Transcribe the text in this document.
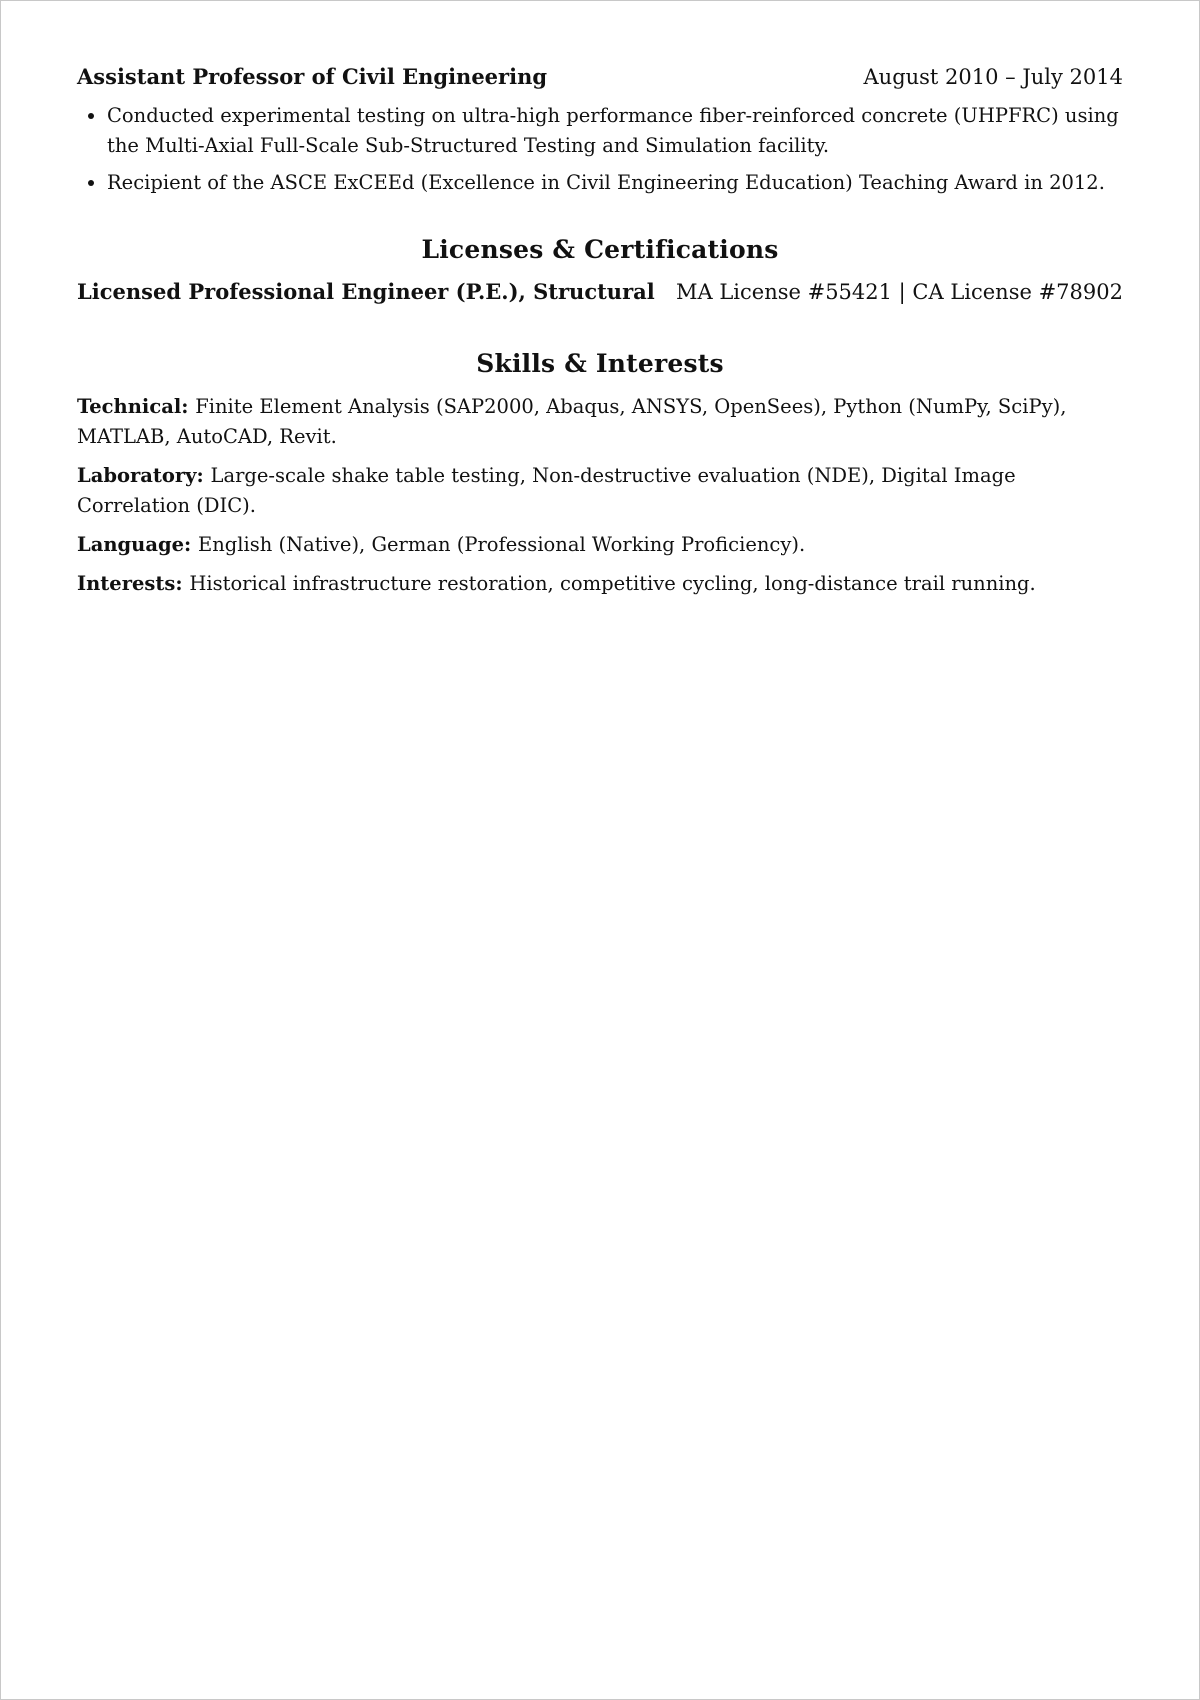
Assistant Professor of Civil Engineering	August 2010 – July 2014
• Conducted experimental testing on ultra-high performance fiber-reinforced concrete (UHPFRC) using the Multi-Axial Full-Scale Sub-Structured Testing and Simulation facility.
• Recipient of the ASCE ExCEEd (Excellence in Civil Engineering Education) Teaching Award in 2012.
Licenses & Certifications
Licensed Professional Engineer (P.E.), Structural MA License #55421 | CA License #78902
Skills & Interests
Technical: Finite Element Analysis (SAP2000, Abaqus, ANSYS, OpenSees), Python (NumPy, SciPy), MATLAB, AutoCAD, Revit.
Laboratory: Large-scale shake table testing, Non-destructive evaluation (NDE), Digital Image Correlation (DIC).
Language: English (Native), German (Professional Working Proficiency).
Interests: Historical infrastructure restoration, competitive cycling, long-distance trail running.
